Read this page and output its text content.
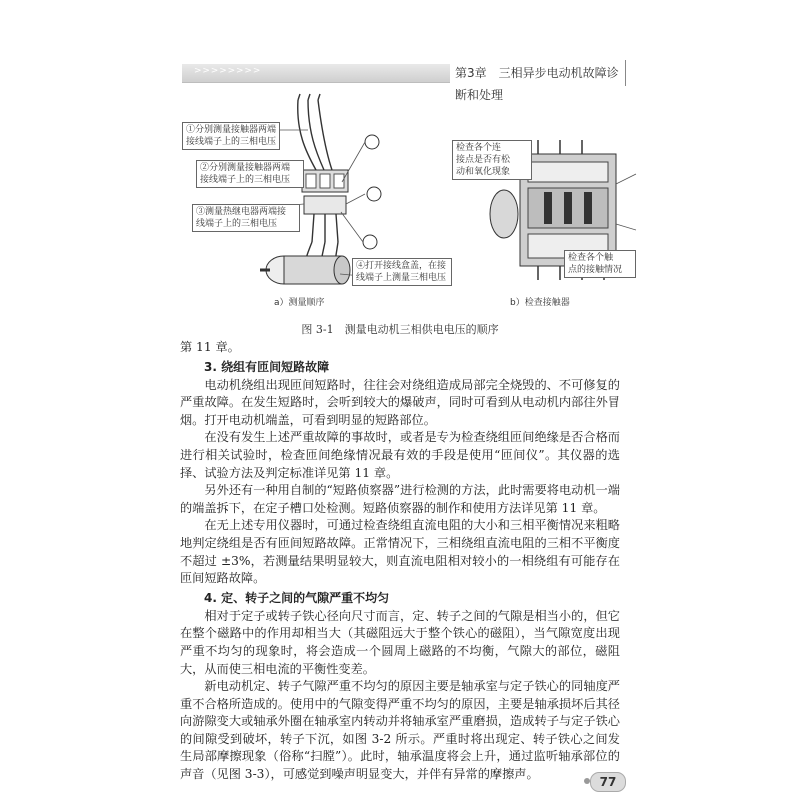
> > > > > > > >	第3章　三相异步电动机故障诊断和处理
①分别测量接触器两端
接线端子上的三相电压
②分别测量接触器两端
接线端子上的三相电压
③测量热继电器两端接
线端子上的三相电压
④打开接线盒盖，在接
线端子上测量三相电压
a）测量顺序
检查各个连
接点是否有松
动和氧化现象
检查各个触
点的接触情况
b）检查接触器
图 3-1　测量电动机三相供电电压的顺序

第 11 章。

3. 绕组有匝间短路故障

电动机绕组出现匝间短路时，往往会对绕组造成局部完全烧毁的、不可修复的严重故障。在发生短路时，会听到较大的爆破声，同时可看到从电动机内部往外冒烟。打开电动机端盖，可看到明显的短路部位。

在没有发生上述严重故障的事故时，或者是专为检查绕组匝间绝缘是否合格而进行相关试验时，检查匝间绝缘情况最有效的手段是使用“匝间仪”。其仪器的选择、试验方法及判定标准详见第 11 章。

另外还有一种用自制的“短路侦察器”进行检测的方法，此时需要将电动机一端的端盖拆下，在定子槽口处检测。短路侦察器的制作和使用方法详见第 11 章。

在无上述专用仪器时，可通过检查绕组直流电阻的大小和三相平衡情况来粗略地判定绕组是否有匝间短路故障。正常情况下，三相绕组直流电阻的三相不平衡度不超过 ±3%，若测量结果明显较大，则直流电阻相对较小的一相绕组有可能存在匝间短路故障。

4. 定、转子之间的气隙严重不均匀

相对于定子或转子铁心径向尺寸而言，定、转子之间的气隙是相当小的，但它在整个磁路中的作用却相当大（其磁阻远大于整个铁心的磁阻），当气隙宽度出现严重不均匀的现象时，将会造成一个圆周上磁路的不均衡，气隙大的部位，磁阻大，从而使三相电流的平衡性变差。

新电动机定、转子气隙严重不均匀的原因主要是轴承室与定子铁心的同轴度严重不合格所造成的。使用中的气隙变得严重不均匀的原因，主要是轴承损坏后其径向游隙变大或轴承外圈在轴承室内转动并将轴承室严重磨损，造成转子与定子铁心的间隙受到破坏，转子下沉，如图 3-2 所示。严重时将出现定、转子铁心之间发生局部摩擦现象（俗称“扫膛”）。此时，轴承温度将会上升，通过监听轴承部位的声音（见图 3-3），可感觉到噪声明显变大，并伴有异常的摩擦声。

77
